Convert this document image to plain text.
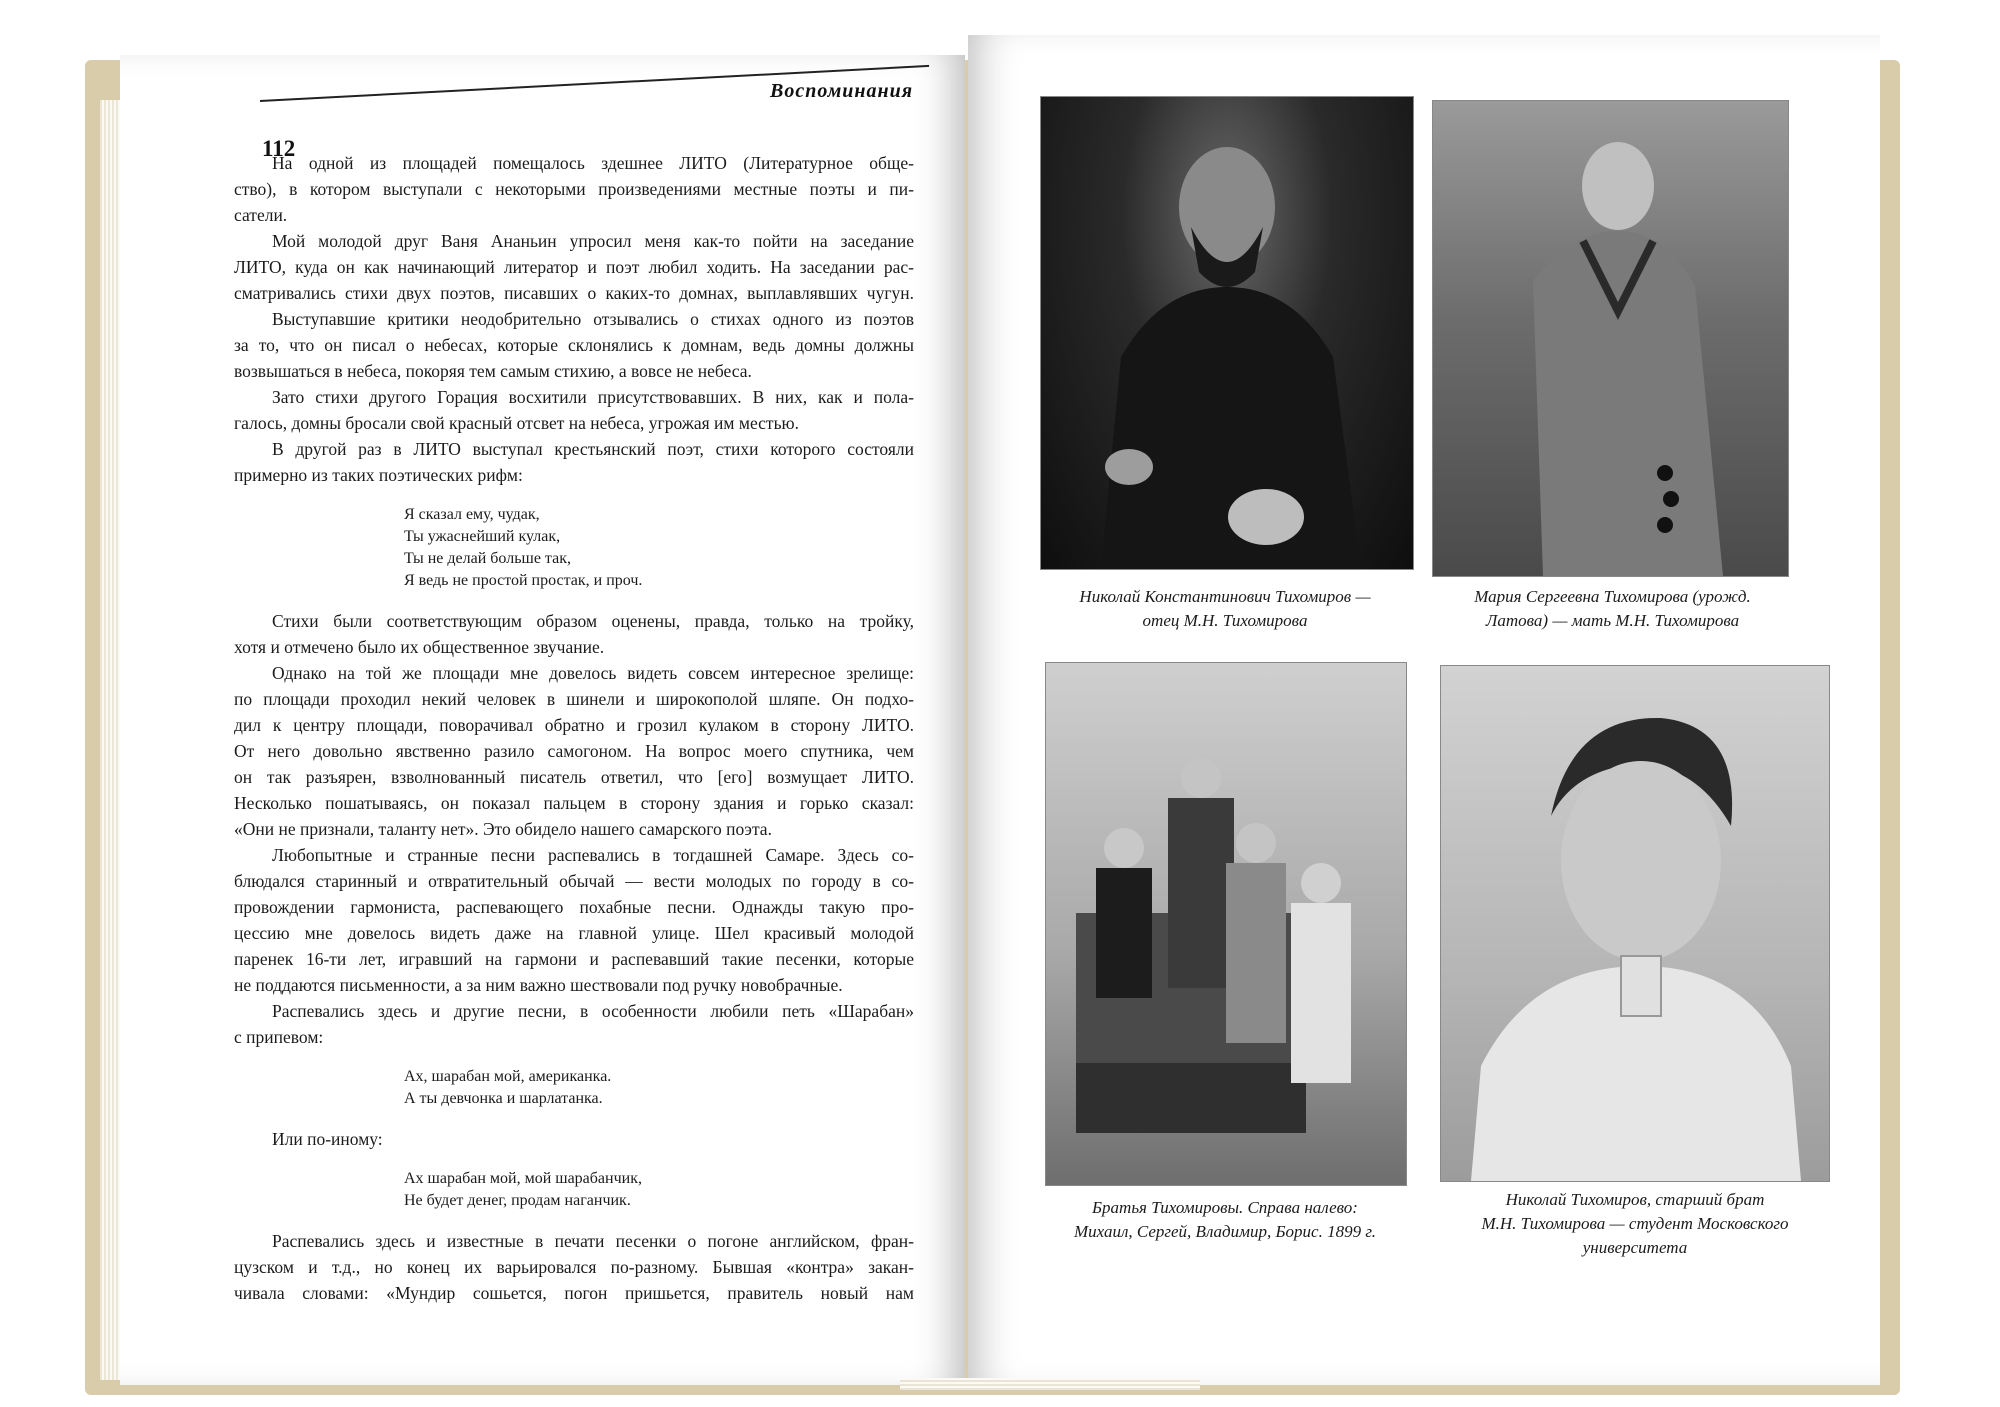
Воспоминания
112
На одной из площадей помещалось здешнее ЛИТО (Литературное обще-
ство), в котором выступали с некоторыми произведениями местные поэты и пи-
сатели.
Мой молодой друг Ваня Ананьин упросил меня как-то пойти на заседание
ЛИТО, куда он как начинающий литератор и поэт любил ходить. На заседании рас-
сматривались стихи двух поэтов, писавших о каких-то домнах, выплавлявших чугун.
Выступавшие критики неодобрительно отзывались о стихах одного из поэтов
за то, что он писал о небесах, которые склонялись к домнам, ведь домны должны
возвышаться в небеса, покоряя тем самым стихию, а вовсе не небеса.
Зато стихи другого Горация восхитили присутствовавших. В них, как и пола-
галось, домны бросали свой красный отсвет на небеса, угрожая им местью.
В другой раз в ЛИТО выступал крестьянский поэт, стихи которого состояли
примерно из таких поэтических рифм:
Я сказал ему, чудак,
Ты ужаснейший кулак,
Ты не делай больше так,
Я ведь не простой простак, и проч.
Стихи были соответствующим образом оценены, правда, только на тройку,
хотя и отмечено было их общественное звучание.
Однако на той же площади мне довелось видеть совсем интересное зрелище:
по площади проходил некий человек в шинели и широкополой шляпе. Он подхо-
дил к центру площади, поворачивал обратно и грозил кулаком в сторону ЛИТО.
От него довольно явственно разило самогоном. На вопрос моего спутника, чем
он так разъярен, взволнованный писатель ответил, что [его] возмущает ЛИТО.
Несколько пошатываясь, он показал пальцем в сторону здания и горько сказал:
«Они не признали, таланту нет». Это обидело нашего самарского поэта.
Любопытные и странные песни распевались в тогдашней Самаре. Здесь со-
блюдался старинный и отвратительный обычай — вести молодых по городу в со-
провождении гармониста, распевающего похабные песни. Однажды такую про-
цессию мне довелось видеть даже на главной улице. Шел красивый молодой
паренек 16-ти лет, игравший на гармони и распевавший такие песенки, которые
не поддаются письменности, а за ним важно шествовали под ручку новобрачные.
Распевались здесь и другие песни, в особенности любили петь «Шарабан»
с припевом:
Ах, шарабан мой, американка.
А ты девчонка и шарлатанка.
Или по-иному:
Ах шарабан мой, мой шарабанчик,
Не будет денег, продам наганчик.
Распевались здесь и известные в печати песенки о погоне английском, фран-
цузском и т.д., но конец их варьировался по-разному. Бывшая «контра» закан-
чивала словами: «Мундир сошьется, погон пришьется, правитель новый нам
Николай Константинович Тихомиров —
отец М.Н. Тихомирова
Мария Сергеевна Тихомирова (урожд.
Латова) — мать М.Н. Тихомирова
Братья Тихомировы. Справа налево:
Михаил, Сергей, Владимир, Борис. 1899 г.
Николай Тихомиров, старший брат
М.Н. Тихомирова — студент Московского
университета
